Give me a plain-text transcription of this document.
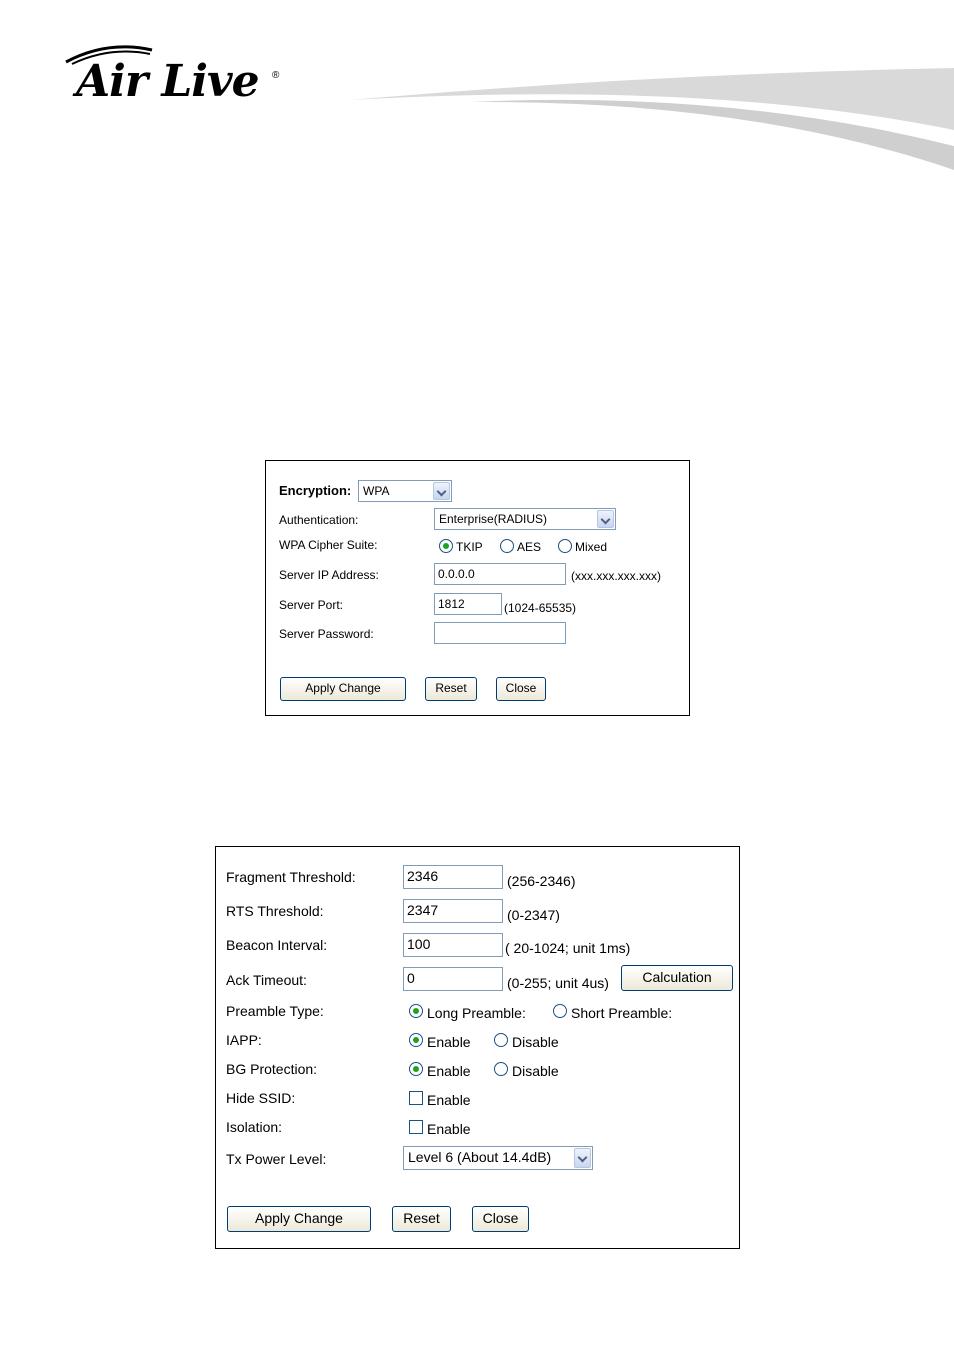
Air Live ®
Encryption: WPA
Authentication:	Enterprise(RADIUS)
WPA Cipher Suite:	TKIP	AES	Mixed
Server IP Address:	0.0.0.0	(xxx.xxx.xxx.xxx)
Server Port:	1812	(1024-65535)
Server Password:
Apply Change	Reset	Close
Fragment Threshold:	2346	(256-2346)
RTS Threshold:	2347	(0-2347)
Beacon Interval:	100	( 20-1024; unit 1ms)
Ack Timeout:	0	(0-255; unit 4us)	Calculation
Preamble Type:	Long Preamble:	Short Preamble:
IAPP:	Enable	Disable
BG Protection:	Enable	Disable
Hide SSID:	Enable
Isolation:	Enable
Tx Power Level:	Level 6 (About 14.4dB)
Apply Change	Reset	Close
